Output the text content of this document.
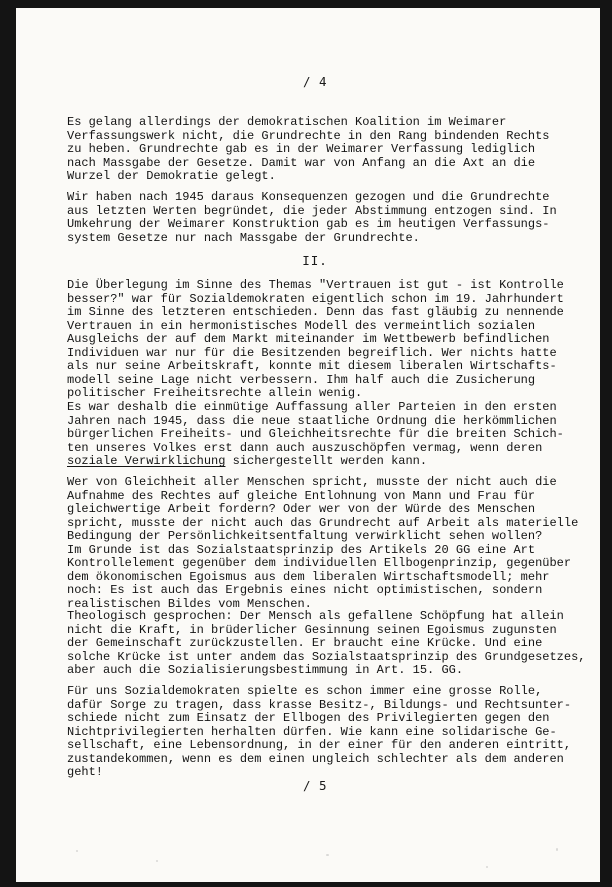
/ 4

Es gelang allerdings der demokratischen Koalition im Weimarer
Verfassungswerk nicht, die Grundrechte in den Rang bindenden Rechts
zu heben. Grundrechte gab es in der Weimarer Verfassung lediglich
nach Massgabe der Gesetze. Damit war von Anfang an die Axt an die
Wurzel der Demokratie gelegt.

Wir haben nach 1945 daraus Konsequenzen gezogen und die Grundrechte
aus letzten Werten begründet, die jeder Abstimmung entzogen sind. In
Umkehrung der Weimarer Konstruktion gab es im heutigen Verfassungs-
system Gesetze nur nach Massgabe der Grundrechte.

II.

Die Überlegung im Sinne des Themas "Vertrauen ist gut - ist Kontrolle
besser?" war für Sozialdemokraten eigentlich schon im 19. Jahrhundert
im Sinne des letzteren entschieden. Denn das fast gläubig zu nennende
Vertrauen in ein hermonistisches Modell des vermeintlich sozialen
Ausgleichs der auf dem Markt miteinander im Wettbewerb befindlichen
Individuen war nur für die Besitzenden begreiflich. Wer nichts hatte
als nur seine Arbeitskraft, konnte mit diesem liberalen Wirtschafts-
modell seine Lage nicht verbessern. Ihm half auch die Zusicherung
politischer Freiheitsrechte allein wenig.

Es war deshalb die einmütige Auffassung aller Parteien in den ersten
Jahren nach 1945, dass die neue staatliche Ordnung die herkömmlichen
bürgerlichen Freiheits- und Gleichheitsrechte für die breiten Schich-
ten unseres Volkes erst dann auch auszuschöpfen vermag, wenn deren
soziale Verwirklichung sichergestellt werden kann.

Wer von Gleichheit aller Menschen spricht, musste der nicht auch die
Aufnahme des Rechtes auf gleiche Entlohnung von Mann und Frau für
gleichwertige Arbeit fordern? Oder wer von der Würde des Menschen
spricht, musste der nicht auch das Grundrecht auf Arbeit als materielle
Bedingung der Persönlichkeitsentfaltung verwirklicht sehen wollen?
Im Grunde ist das Sozialstaatsprinzip des Artikels 20 GG eine Art
Kontrollelement gegenüber dem individuellen Ellbogenprinzip, gegenüber
dem ökonomischen Egoismus aus dem liberalen Wirtschaftsmodell; mehr
noch: Es ist auch das Ergebnis eines nicht optimistischen, sondern
realistischen Bildes vom Menschen.

Theologisch gesprochen: Der Mensch als gefallene Schöpfung hat allein
nicht die Kraft, in brüderlicher Gesinnung seinen Egoismus zugunsten
der Gemeinschaft zurückzustellen. Er braucht eine Krücke. Und eine
solche Krücke ist unter andem das Sozialstaatsprinzip des Grundgesetzes,
aber auch die Sozialisierungsbestimmung in Art. 15. GG.

Für uns Sozialdemokraten spielte es schon immer eine grosse Rolle,
dafür Sorge zu tragen, dass krasse Besitz-, Bildungs- und Rechtsunter-
schiede nicht zum Einsatz der Ellbogen des Privilegierten gegen den
Nichtprivilegierten herhalten dürfen. Wie kann eine solidarische Ge-
sellschaft, eine Lebensordnung, in der einer für den anderen eintritt,
zustandekommen, wenn es dem einen ungleich schlechter als dem anderen
geht!

/ 5
